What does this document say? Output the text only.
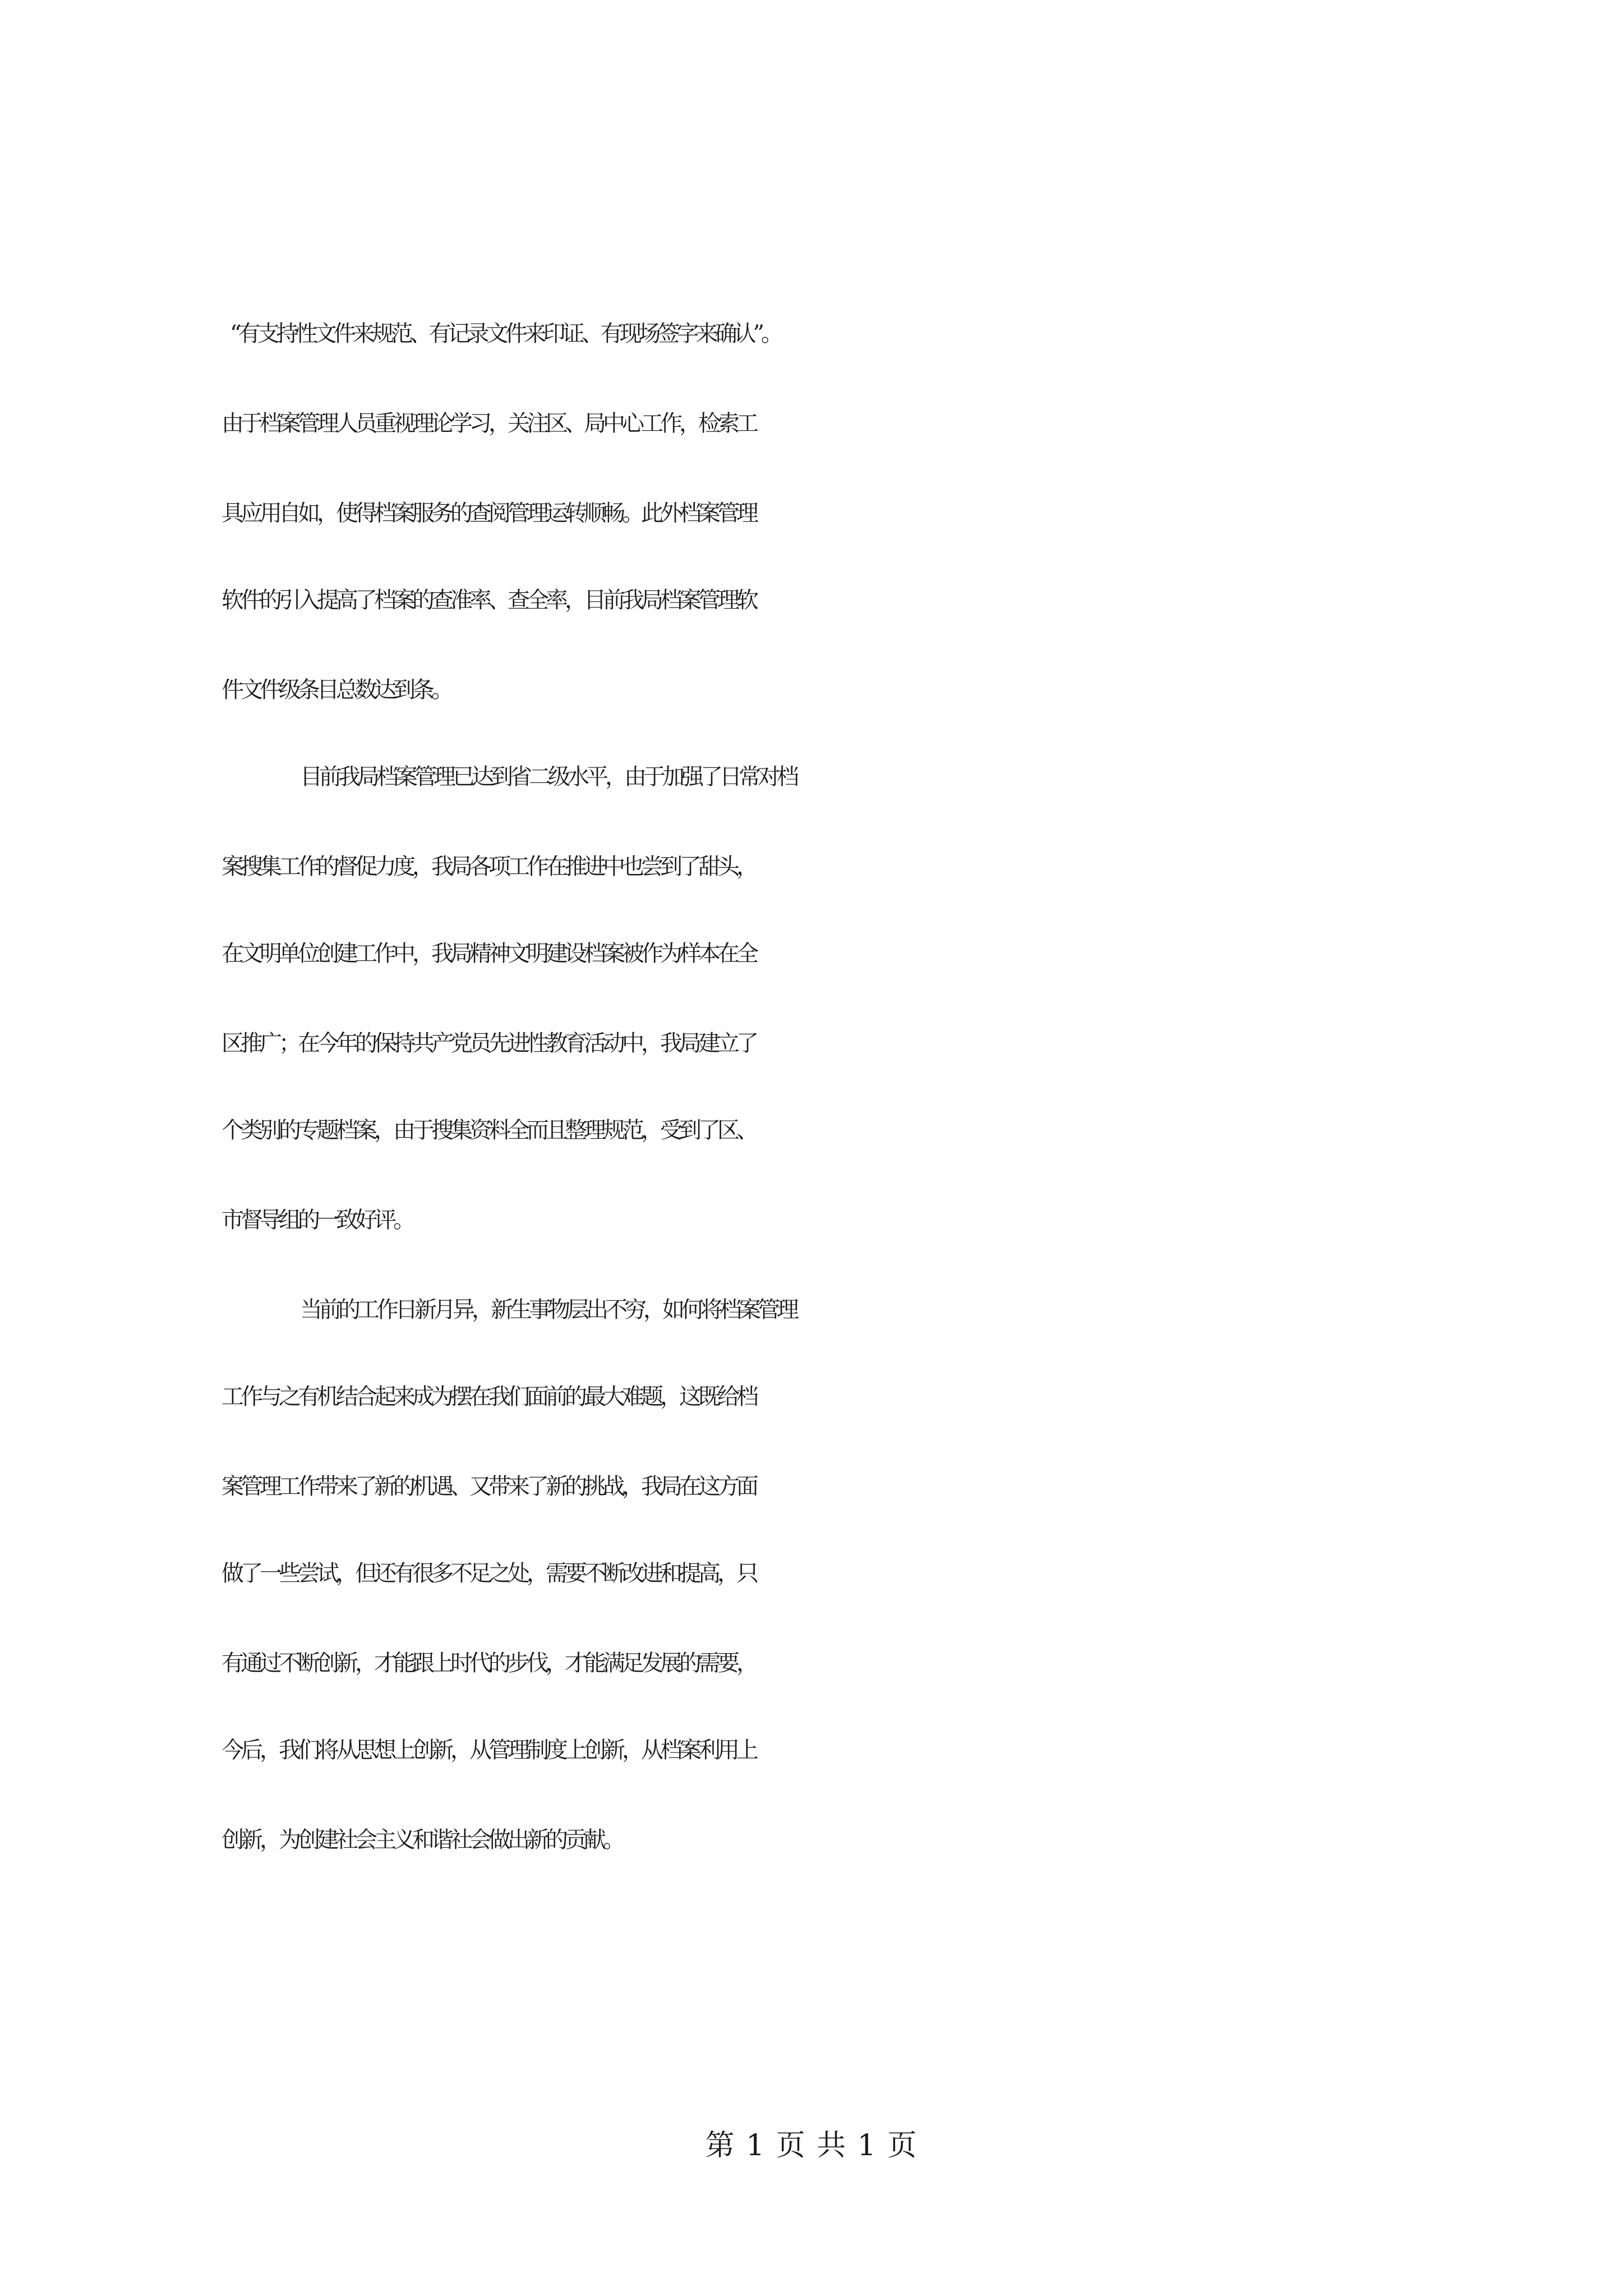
“有支持性文件来规范、有记录文件来印证、有现场签字来确认”。
由于档案管理人员重视理论学习，关注区、局中心工作，检索工
具应用自如，使得档案服务的查阅管理运转顺畅。此外档案管理
软件的引入提高了档案的查准率、查全率，目前我局档案管理软
件文件级条目总数达到条。
目前我局档案管理已达到省二级水平，由于加强了日常对档
案搜集工作的督促力度，我局各项工作在推进中也尝到了甜头，
在文明单位创建工作中，我局精神文明建设档案被作为样本在全
区推广；在今年的保持共产党员先进性教育活动中，我局建立了
个类别的专题档案，由于搜集资料全而且整理规范，受到了区、
市督导组的一致好评。
当前的工作日新月异，新生事物层出不穷，如何将档案管理
工作与之有机结合起来成为摆在我们面前的最大难题，这既给档
案管理工作带来了新的机遇、又带来了新的挑战，我局在这方面
做了一些尝试，但还有很多不足之处，需要不断改进和提高，只
有通过不断创新，才能跟上时代的步伐，才能满足发展的需要，
今后，我们将从思想上创新，从管理制度上创新，从档案利用上
创新，为创建社会主义和谐社会做出新的贡献。
第 1 页 共 1 页
